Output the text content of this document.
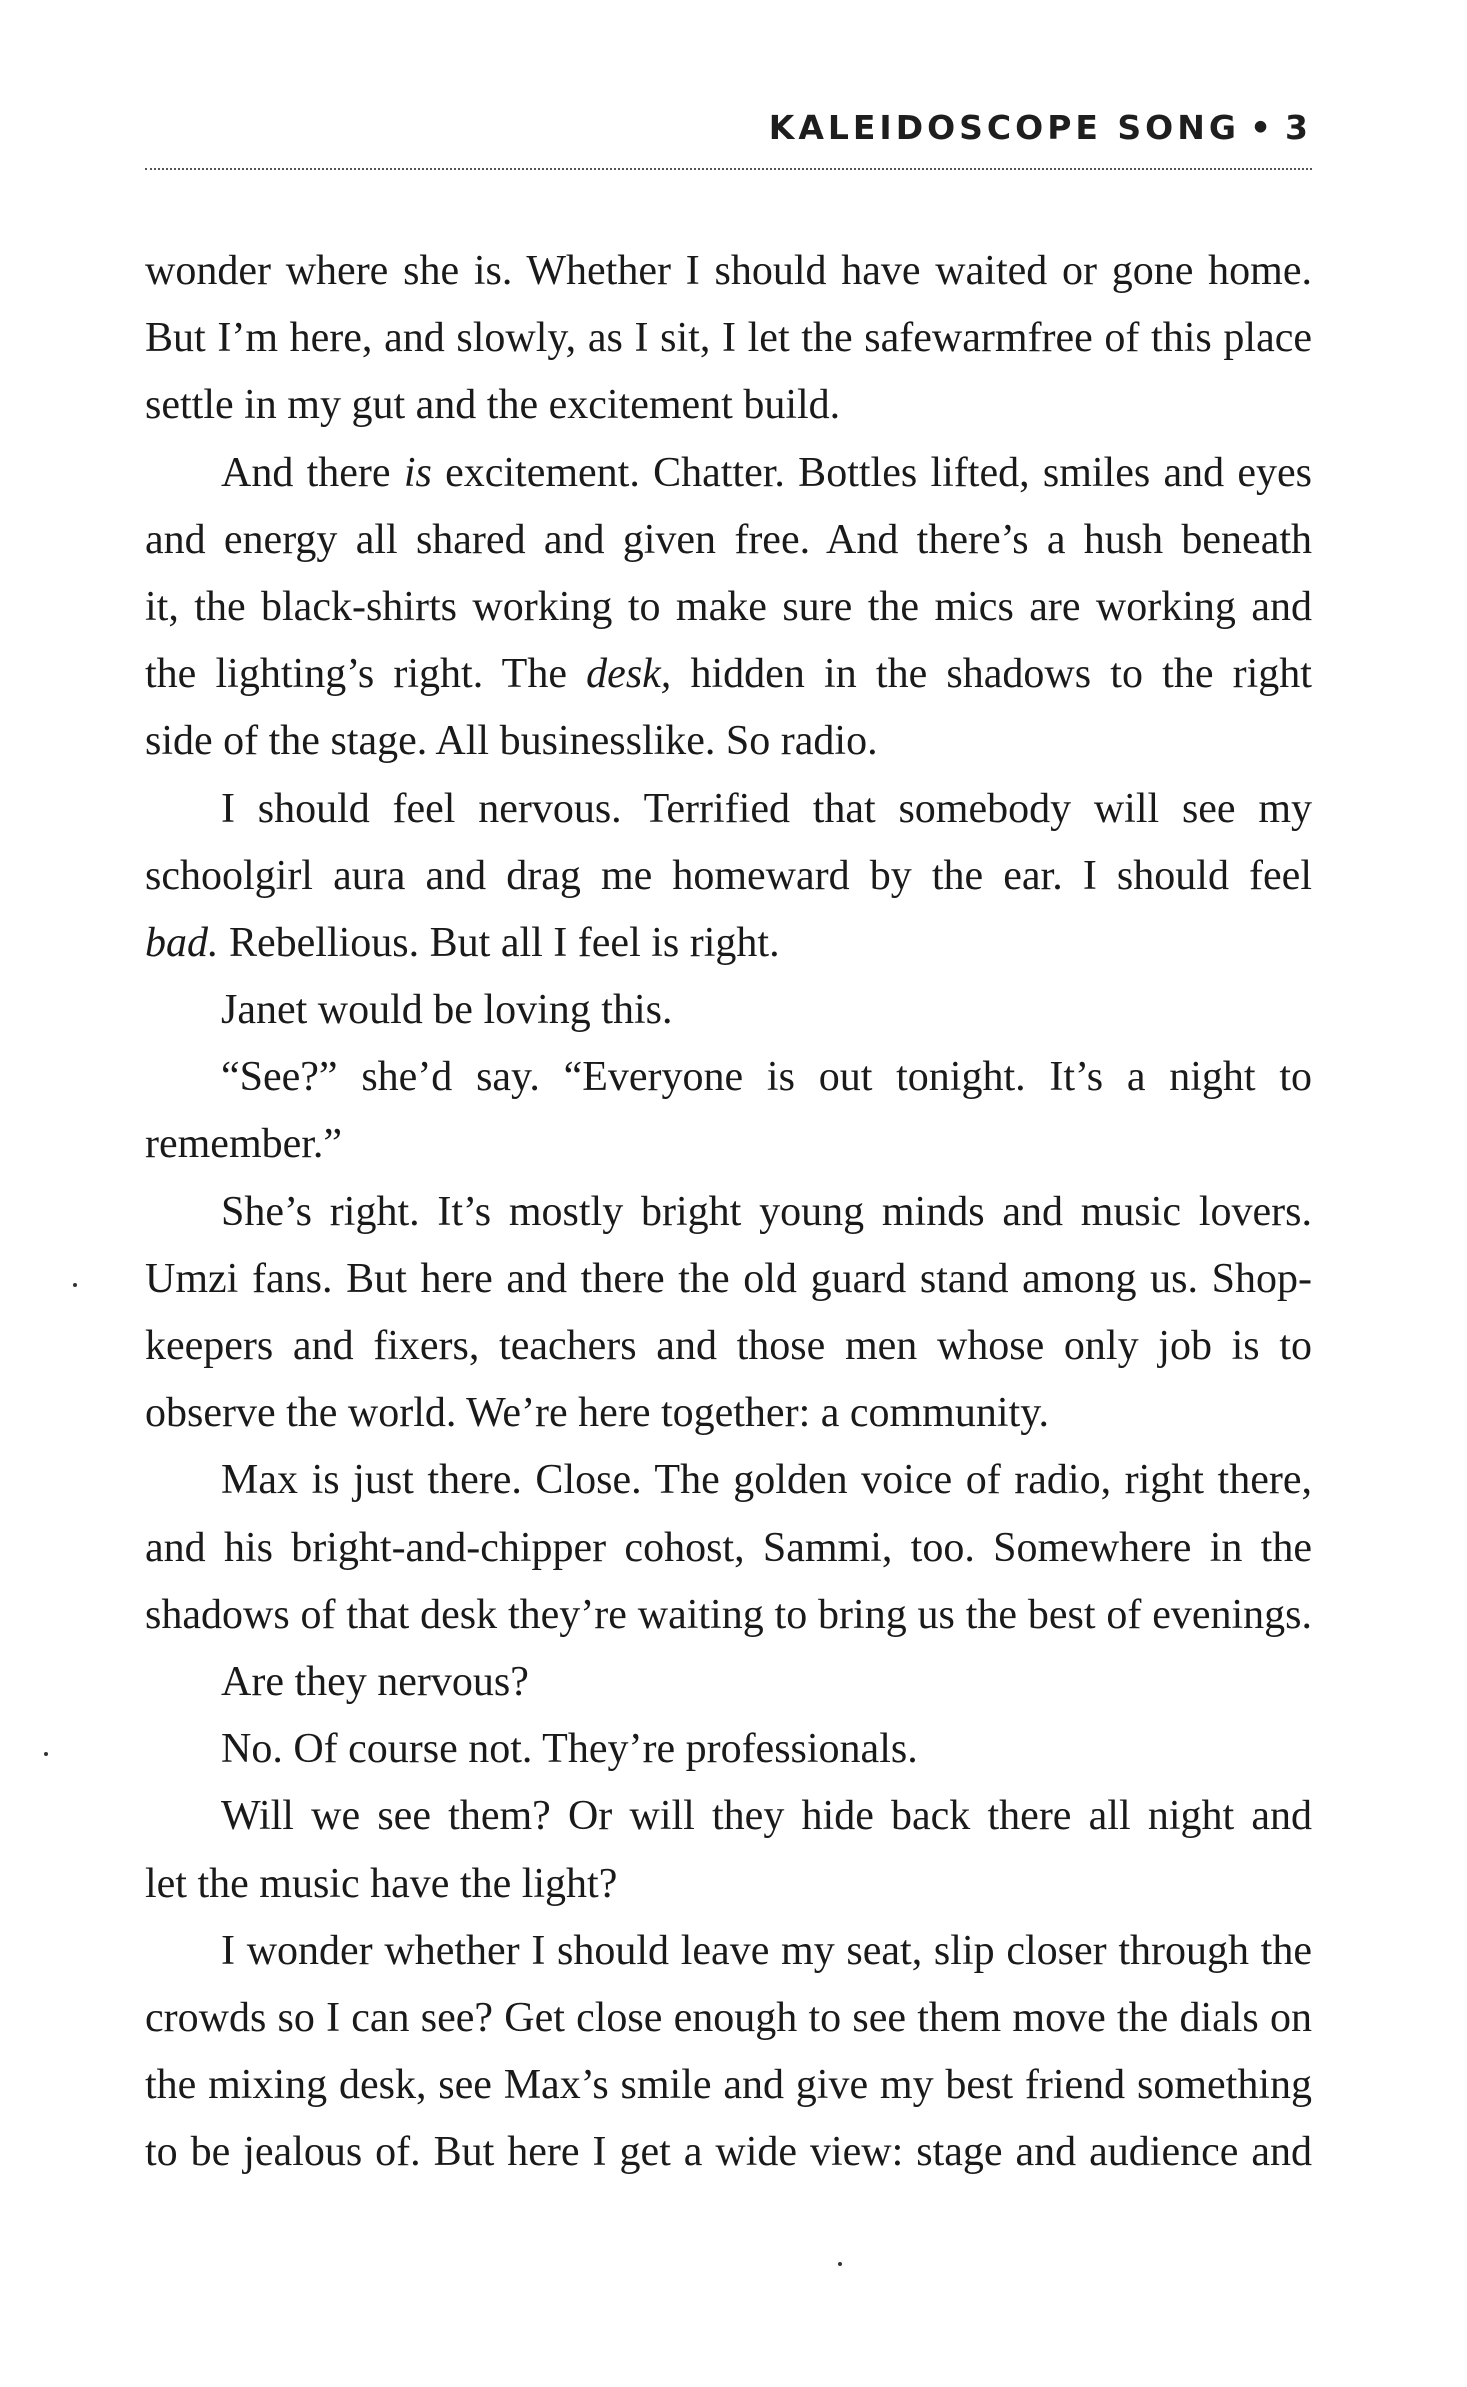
KALEIDOSCOPE SONG • 3
wonder where she is. Whether I should have waited or gone home.
But I’m here, and slowly, as I sit, I let the safewarmfree of this place
settle in my gut and the excitement build.
And there is excitement. Chatter. Bottles lifted, smiles and eyes
and energy all shared and given free. And there’s a hush beneath
it, the black-shirts working to make sure the mics are working and
the lighting’s right. The desk, hidden in the shadows to the right
side of the stage. All businesslike. So radio.
I should feel nervous. Terrified that somebody will see my
schoolgirl aura and drag me homeward by the ear. I should feel
bad. Rebellious. But all I feel is right.
Janet would be loving this.
“See?” she’d say. “Everyone is out tonight. It’s a night to
remember.”
She’s right. It’s mostly bright young minds and music lovers.
Umzi fans. But here and there the old guard stand among us. Shop-
keepers and fixers, teachers and those men whose only job is to
observe the world. We’re here together: a community.
Max is just there. Close. The golden voice of radio, right there,
and his bright-and-chipper cohost, Sammi, too. Somewhere in the
shadows of that desk they’re waiting to bring us the best of evenings.
Are they nervous?
No. Of course not. They’re professionals.
Will we see them? Or will they hide back there all night and
let the music have the light?
I wonder whether I should leave my seat, slip closer through the
crowds so I can see? Get close enough to see them move the dials on
the mixing desk, see Max’s smile and give my best friend something
to be jealous of. But here I get a wide view: stage and audience and
